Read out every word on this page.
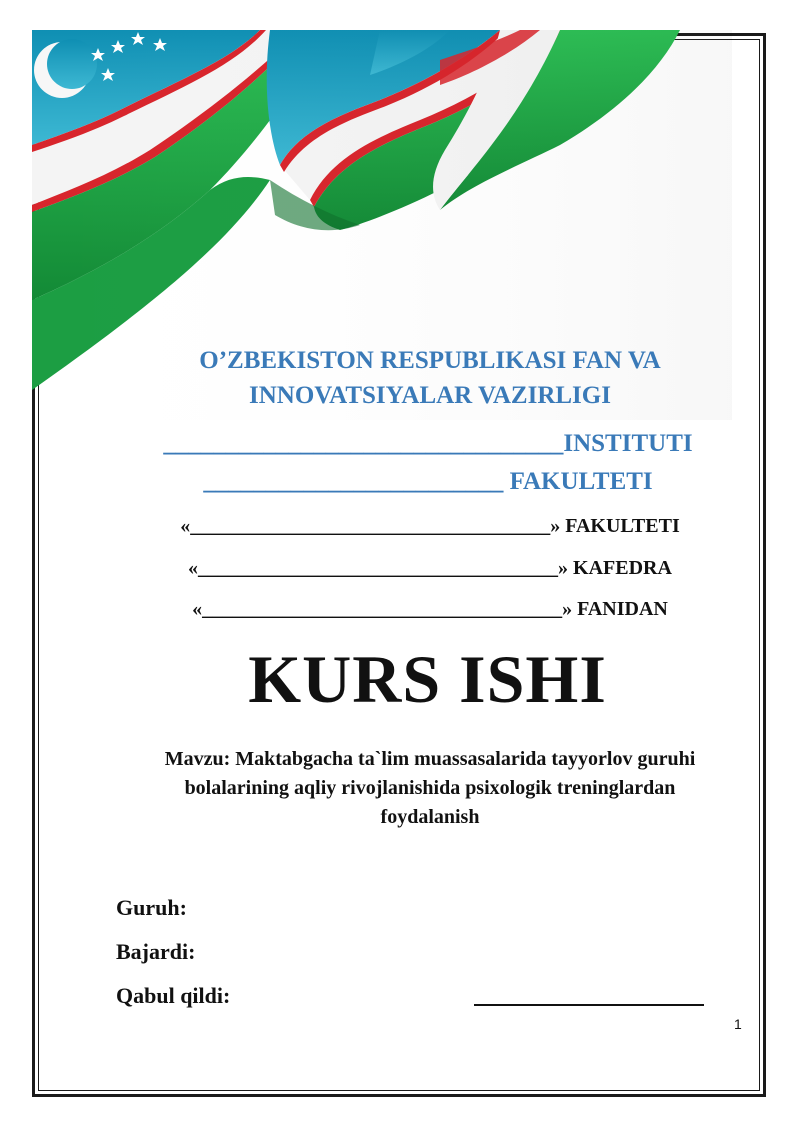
O’ZBEKISTON RESPUBLIKASI FAN VA
INNOVATSIYALAR VAZIRLIGI
________________________________INSTITUTI
________________________ FAKULTETI
«____________________________________» FAKULTETI
«____________________________________» KAFEDRA
«____________________________________» FANIDAN
KURS ISHI
Mavzu: Maktabgacha ta`lim muassasalarida tayyorlov guruhi
bolalarining aqliy rivojlanishida psixologik treninglardan
foydalanish
Guruh:
Bajardi:
Qabul qildi:
1
